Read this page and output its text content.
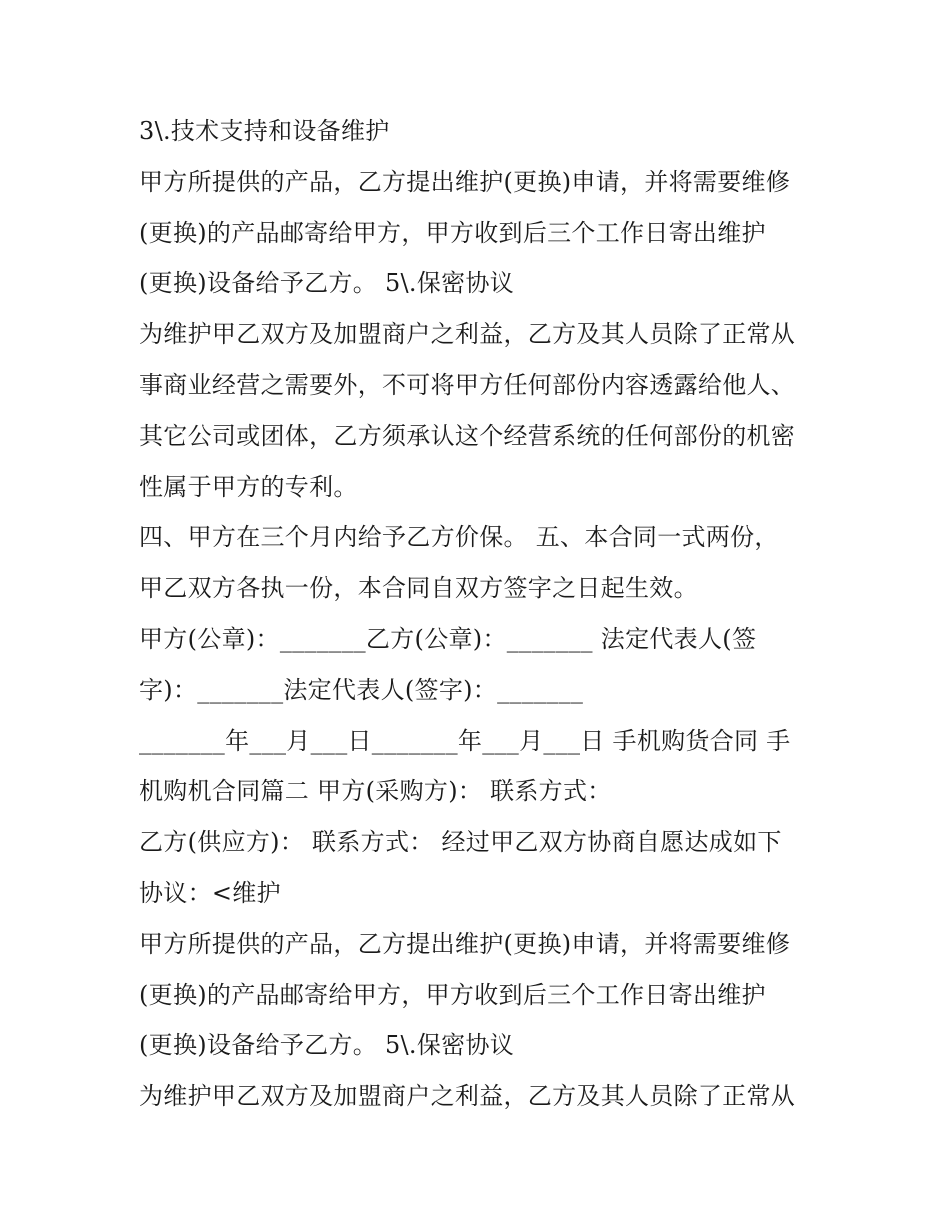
3\.技术支持和设备维护
甲方所提供的产品，乙方提出维护(更换)申请，并将需要维修
(更换)的产品邮寄给甲方，甲方收到后三个工作日寄出维护
(更换)设备给予乙方。 5\.保密协议
为维护甲乙双方及加盟商户之利益，乙方及其人员除了正常从
事商业经营之需要外，不可将甲方任何部份内容透露给他人、
其它公司或团体，乙方须承认这个经营系统的任何部份的机密
性属于甲方的专利。
四、甲方在三个月内给予乙方价保。 五、本合同一式两份，
甲乙双方各执一份，本合同自双方签字之日起生效。
甲方(公章)：_______乙方(公章)：_______ 法定代表人(签
字)：_______法定代表人(签字)：_______
_______年___月___日_______年___月___日 手机购货合同 手
机购机合同篇二 甲方(采购方)： 联系方式：
乙方(供应方)： 联系方式： 经过甲乙双方协商自愿达成如下
协议：<维护
甲方所提供的产品，乙方提出维护(更换)申请，并将需要维修
(更换)的产品邮寄给甲方，甲方收到后三个工作日寄出维护
(更换)设备给予乙方。 5\.保密协议
为维护甲乙双方及加盟商户之利益，乙方及其人员除了正常从
